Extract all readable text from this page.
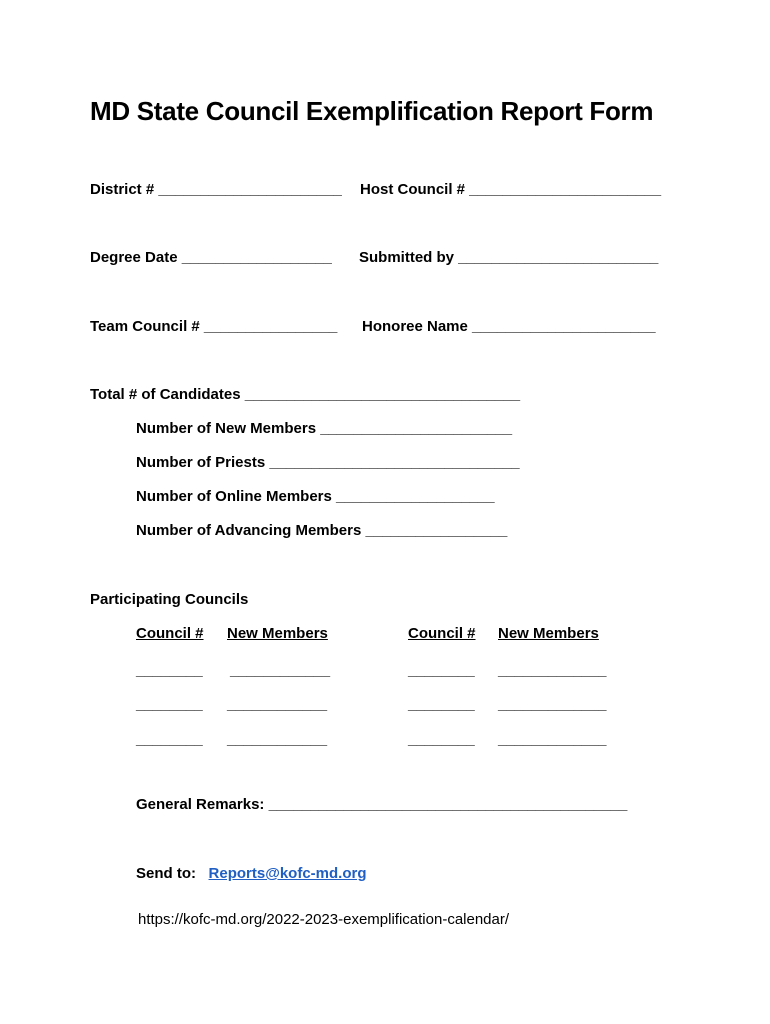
MD State Council Exemplification Report Form
District # ______________________ Host Council # _______________________
Degree Date __________________ Submitted by ________________________
Team Council # ________________ Honoree Name ______________________
Total # of Candidates _________________________________
Number of New Members _______________________
Number of Priests ______________________________
Number of Online Members ___________________
Number of Advancing Members _________________
Participating Councils
Council # New Members	Council # New Members
________ ____________	________ _____________
________ ____________	________ _____________
________ ____________	________ _____________
General Remarks: ___________________________________________
Send to: Reports@kofc-md.org
https://kofc-md.org/2022-2023-exemplification-calendar/
